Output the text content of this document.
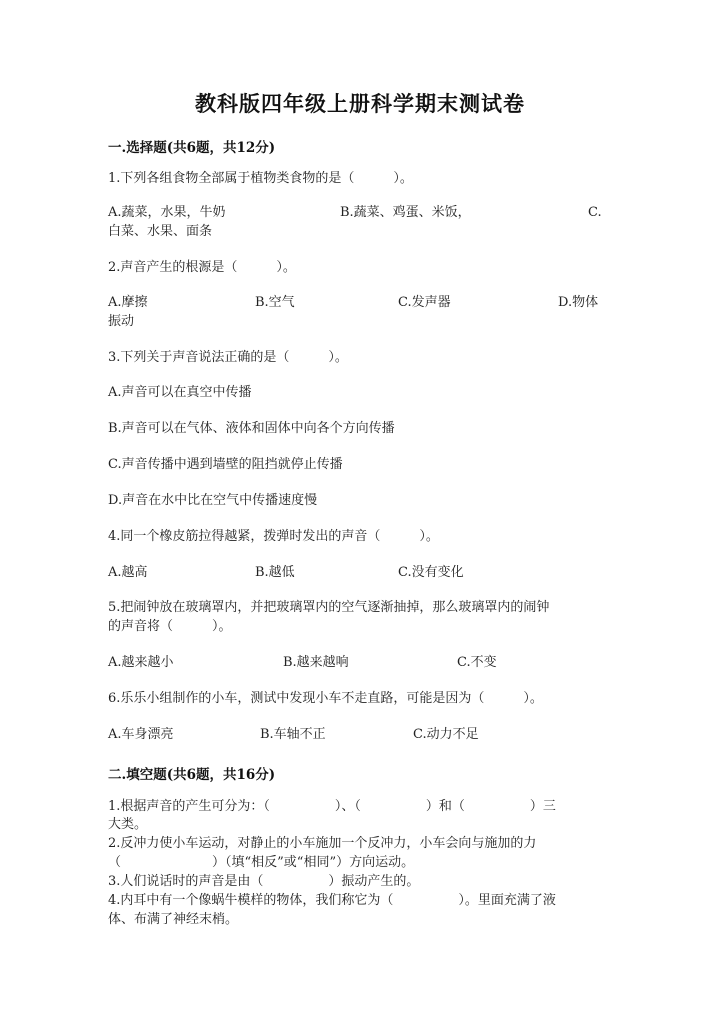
教科版四年级上册科学期末测试卷
一.选择题(共6题，共12分)
1.下列各组食物全部属于植物类食物的是（　　　）。
A.蔬菜，水果，牛奶	B.蔬菜、鸡蛋、米饭，	C.
白菜、水果、面条
2.声音产生的根源是（　　　）。
A.摩擦	B.空气	C.发声器	D.物体
振动
3.下列关于声音说法正确的是（　　　）。
A.声音可以在真空中传播
B.声音可以在气体、液体和固体中向各个方向传播
C.声音传播中遇到墙壁的阻挡就停止传播
D.声音在水中比在空气中传播速度慢
4.同一个橡皮筋拉得越紧，拨弹时发出的声音（　　　）。
A.越高	B.越低	C.没有变化
5.把闹钟放在玻璃罩内，并把玻璃罩内的空气逐渐抽掉，那么玻璃罩内的闹钟
的声音将（　　　）。
A.越来越小	B.越来越响	C.不变
6.乐乐小组制作的小车，测试中发现小车不走直路，可能是因为（　　　）。
A.车身漂亮	B.车轴不正	C.动力不足
二.填空题(共6题，共16分)
1.根据声音的产生可分为：（　　　　　）、（　　　　　）和（　　　　　）三
大类。
2.反冲力使小车运动，对静止的小车施加一个反冲力，小车会向与施加的力
（　　　　　　　）（填“相反”或“相同”）方向运动。
3.人们说话时的声音是由（　　　　　）振动产生的。
4.内耳中有一个像蜗牛模样的物体，我们称它为（　　　　　）。里面充满了液
体、布满了神经末梢。
